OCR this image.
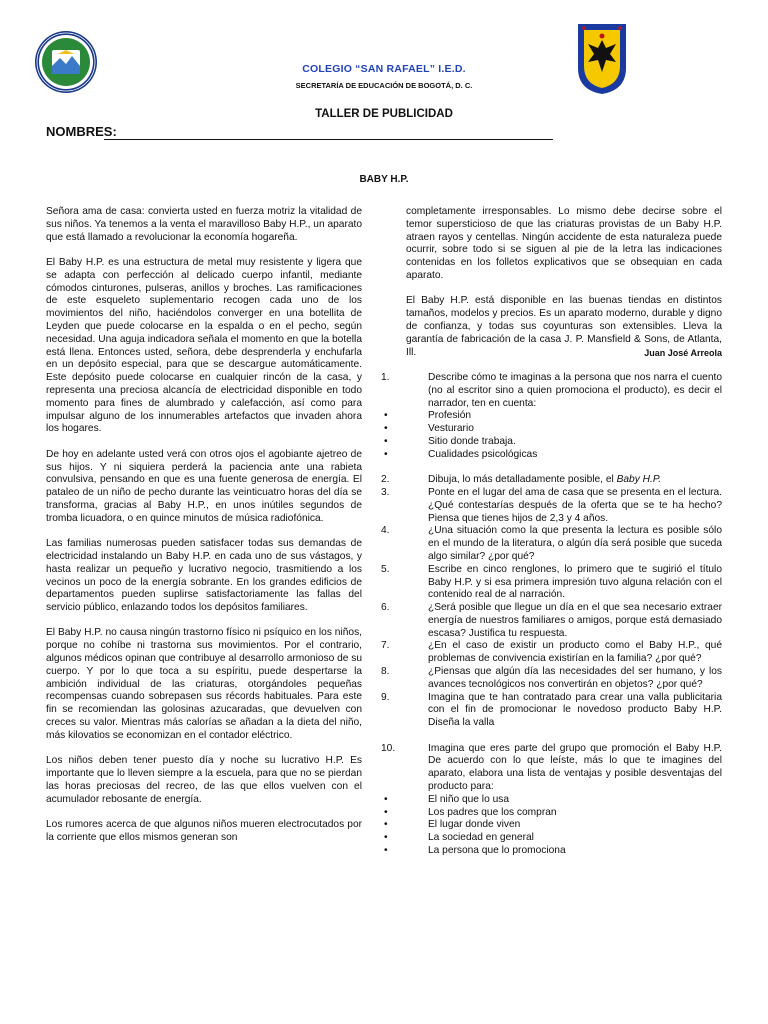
COLEGIO “SAN RAFAEL” I.E.D.
SECRETARÍA DE EDUCACIÓN DE BOGOTÁ, D. C.
TALLER DE PUBLICIDAD
NOMBRES:
BABY H.P.

Señora ama de casa: convierta usted en fuerza motriz la vitalidad de sus niños. Ya tenemos a la venta el maravilloso Baby H.P., un aparato que está llamado a revolucionar la economía hogareña.

El Baby H.P. es una estructura de metal muy resistente y ligera que se adapta con perfección al delicado cuerpo infantil, mediante cómodos cinturones, pulseras, anillos y broches. Las ramificaciones de este esqueleto suplementario recogen cada uno de los movimientos del niño, haciéndolos converger en una botellita de Leyden que puede colocarse en la espalda o en el pecho, según necesidad. Una aguja indicadora señala el momento en que la botella está llena. Entonces usted, señora, debe desprenderla y enchufarla en un depósito especial, para que se descargue automáticamente. Este depósito puede colocarse en cualquier rincón de la casa, y representa una preciosa alcancía de electricidad disponible en todo momento para fines de alumbrado y calefacción, así como para impulsar alguno de los innumerables artefactos que invaden ahora los hogares.

De hoy en adelante usted verá con otros ojos el agobiante ajetreo de sus hijos. Y ni siquiera perderá la paciencia ante una rabieta convulsiva, pensando en que es una fuente generosa de energía. El pataleo de un niño de pecho durante las veinticuatro horas del día se transforma, gracias al Baby H.P., en unos inútiles segundos de tromba licuadora, o en quince minutos de música radiofónica.

Las familias numerosas pueden satisfacer todas sus demandas de electricidad instalando un Baby H.P. en cada uno de sus vástagos, y hasta realizar un pequeño y lucrativo negocio, trasmitiendo a los vecinos un poco de la energía sobrante. En los grandes edificios de departamentos pueden suplirse satisfactoriamente las fallas del servicio público, enlazando todos los depósitos familiares.

El Baby H.P. no causa ningún trastorno físico ni psíquico en los niños, porque no cohíbe ni trastorna sus movimientos. Por el contrario, algunos médicos opinan que contribuye al desarrollo armonioso de su cuerpo. Y por lo que toca a su espíritu, puede despertarse la ambición individual de las criaturas, otorgándoles pequeñas recompensas cuando sobrepasen sus récords habituales. Para este fin se recomiendan las golosinas azucaradas, que devuelven con creces su valor. Mientras más calorías se añadan a la dieta del niño, más kilovatios se economizan en el contador eléctrico.

Los niños deben tener puesto día y noche su lucrativo H.P. Es importante que lo lleven siempre a la escuela, para que no se pierdan las horas preciosas del recreo, de las que ellos vuelven con el acumulador rebosante de energía.

Los rumores acerca de que algunos niños mueren electrocutados por la corriente que ellos mismos generan son

completamente irresponsables. Lo mismo debe decirse sobre el temor supersticioso de que las criaturas provistas de un Baby H.P. atraen rayos y centellas. Ningún accidente de esta naturaleza puede ocurrir, sobre todo si se siguen al pie de la letra las indicaciones contenidas en los folletos explicativos que se obsequian en cada aparato.

El Baby H.P. está disponible en las buenas tiendas en distintos tamaños, modelos y precios. Es un aparato moderno, durable y digno de confianza, y todas sus coyunturas son extensibles. Lleva la garantía de fabricación de la casa J. P. Mansfield & Sons, de Atlanta, Ill.	Juan José Arreola

1.	Describe cómo te imaginas a la persona que nos narra el cuento (no al escritor sino a quien promociona el producto), es decir el narrador, ten en cuenta:
• Profesión
• Vesturario
• Sitio donde trabaja.
• Cualidades psicológicas
2.	Dibuja, lo más detalladamente posible, el Baby H.P.
3.	Ponte en el lugar del ama de casa que se presenta en el lectura. ¿Qué contestarías después de la oferta que se te ha hecho? Piensa que tienes hijos de 2,3 y 4 años.
4.	¿Una situación como la que presenta la lectura es posible sólo en el mundo de la literatura, o algún día será posible que suceda algo similar? ¿por qué?
5.	Escribe en cinco renglones, lo primero que te sugirió el título Baby H.P. y si esa primera impresión tuvo alguna relación con el contenido real de al narración.
6.	¿Será posible que llegue un día en el que sea necesario extraer energía de nuestros familiares o amigos, porque está demasiado escasa? Justifica tu respuesta.
7.	¿En el caso de existir un producto como el Baby H.P., qué problemas de convivencia existirían en la familia? ¿por qué?
8.	¿Piensas que algún día las necesidades del ser humano, y los avances tecnológicos nos convertirán en objetos? ¿por qué?
9.	Imagina que te han contratado para crear una valla publicitaria con el fin de promocionar le novedoso producto Baby H.P. Diseña la valla
10.	Imagina que eres parte del grupo que promoción el Baby H.P. De acuerdo con lo que leíste, más lo que te imagines del aparato, elabora una lista de ventajas y posible desventajas del producto para:
• El niño que lo usa
• Los padres que los compran
• El lugar donde viven
• La sociedad en general
• La persona que lo promociona
